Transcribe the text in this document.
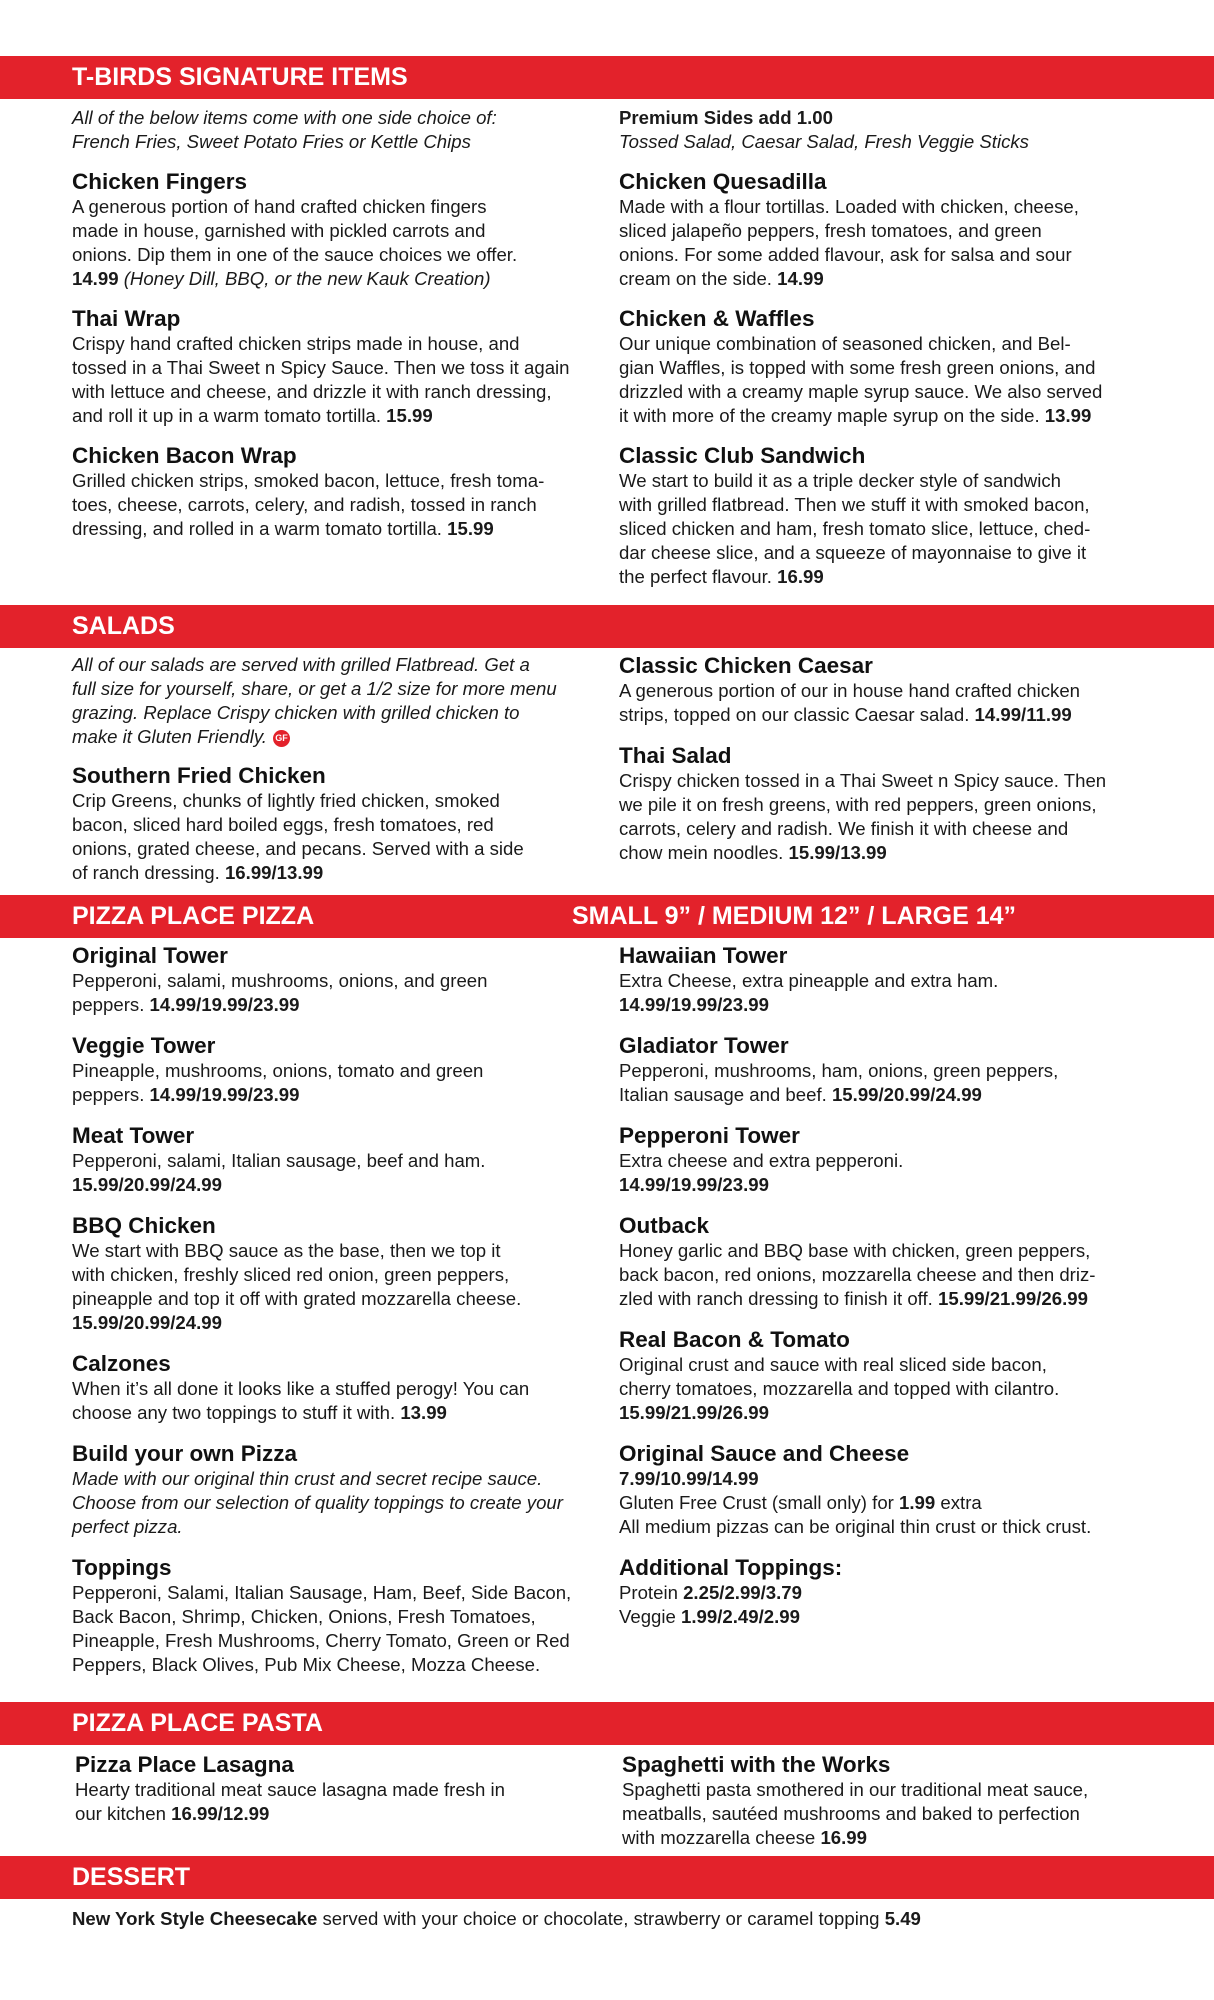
T-BIRDS SIGNATURE ITEMS
All of the below items come with one side choice of:
French Fries, Sweet Potato Fries or Kettle Chips
Chicken Fingers
A generous portion of hand crafted chicken fingers
made in house, garnished with pickled carrots and
onions. Dip them in one of the sauce choices we offer.
14.99 (Honey Dill, BBQ, or the new Kauk Creation)
Thai Wrap
Crispy hand crafted chicken strips made in house, and
tossed in a Thai Sweet n Spicy Sauce. Then we toss it again
with lettuce and cheese, and drizzle it with ranch dressing,
and roll it up in a warm tomato tortilla. 15.99
Chicken Bacon Wrap
Grilled chicken strips, smoked bacon, lettuce, fresh toma-
toes, cheese, carrots, celery, and radish, tossed in ranch
dressing, and rolled in a warm tomato tortilla. 15.99
Premium Sides add 1.00
Tossed Salad, Caesar Salad, Fresh Veggie Sticks
Chicken Quesadilla
Made with a flour tortillas. Loaded with chicken, cheese,
sliced jalapeño peppers, fresh tomatoes, and green
onions. For some added flavour, ask for salsa and sour
cream on the side. 14.99
Chicken & Waffles
Our unique combination of seasoned chicken, and Bel-
gian Waffles, is topped with some fresh green onions, and
drizzled with a creamy maple syrup sauce. We also served
it with more of the creamy maple syrup on the side. 13.99
Classic Club Sandwich
We start to build it as a triple decker style of sandwich
with grilled flatbread. Then we stuff it with smoked bacon,
sliced chicken and ham, fresh tomato slice, lettuce, ched-
dar cheese slice, and a squeeze of mayonnaise to give it
the perfect flavour. 16.99
SALADS
All of our salads are served with grilled Flatbread. Get a
full size for yourself, share, or get a 1/2 size for more menu
grazing. Replace Crispy chicken with grilled chicken to
make it Gluten Friendly. GF
Southern Fried Chicken
Crip Greens, chunks of lightly fried chicken, smoked
bacon, sliced hard boiled eggs, fresh tomatoes, red
onions, grated cheese, and pecans. Served with a side
of ranch dressing. 16.99/13.99
Classic Chicken Caesar
A generous portion of our in house hand crafted chicken
strips, topped on our classic Caesar salad. 14.99/11.99
Thai Salad
Crispy chicken tossed in a Thai Sweet n Spicy sauce. Then
we pile it on fresh greens, with red peppers, green onions,
carrots, celery and radish. We finish it with cheese and
chow mein noodles. 15.99/13.99
PIZZA PLACE PIZZA	SMALL 9” / MEDIUM 12” / LARGE 14”
Original Tower
Pepperoni, salami, mushrooms, onions, and green
peppers. 14.99/19.99/23.99
Veggie Tower
Pineapple, mushrooms, onions, tomato and green
peppers. 14.99/19.99/23.99
Meat Tower
Pepperoni, salami, Italian sausage, beef and ham.
15.99/20.99/24.99
BBQ Chicken
We start with BBQ sauce as the base, then we top it
with chicken, freshly sliced red onion, green peppers,
pineapple and top it off with grated mozzarella cheese.
15.99/20.99/24.99
Calzones
When it’s all done it looks like a stuffed perogy! You can
choose any two toppings to stuff it with. 13.99
Build your own Pizza
Made with our original thin crust and secret recipe sauce.
Choose from our selection of quality toppings to create your
perfect pizza.
Toppings
Pepperoni, Salami, Italian Sausage, Ham, Beef, Side Bacon,
Back Bacon, Shrimp, Chicken, Onions, Fresh Tomatoes,
Pineapple, Fresh Mushrooms, Cherry Tomato, Green or Red
Peppers, Black Olives, Pub Mix Cheese, Mozza Cheese.
Hawaiian Tower
Extra Cheese, extra pineapple and extra ham.
14.99/19.99/23.99
Gladiator Tower
Pepperoni, mushrooms, ham, onions, green peppers,
Italian sausage and beef. 15.99/20.99/24.99
Pepperoni Tower
Extra cheese and extra pepperoni.
14.99/19.99/23.99
Outback
Honey garlic and BBQ base with chicken, green peppers,
back bacon, red onions, mozzarella cheese and then driz-
zled with ranch dressing to finish it off. 15.99/21.99/26.99
Real Bacon & Tomato
Original crust and sauce with real sliced side bacon,
cherry tomatoes, mozzarella and topped with cilantro.
15.99/21.99/26.99
Original Sauce and Cheese
7.99/10.99/14.99
Gluten Free Crust (small only) for 1.99 extra
All medium pizzas can be original thin crust or thick crust.
Additional Toppings:
Protein 2.25/2.99/3.79
Veggie 1.99/2.49/2.99
PIZZA PLACE PASTA
Pizza Place Lasagna
Hearty traditional meat sauce lasagna made fresh in
our kitchen 16.99/12.99
Spaghetti with the Works
Spaghetti pasta smothered in our traditional meat sauce,
meatballs, sautéed mushrooms and baked to perfection
with mozzarella cheese 16.99
DESSERT
New York Style Cheesecake served with your choice or chocolate, strawberry or caramel topping 5.49
